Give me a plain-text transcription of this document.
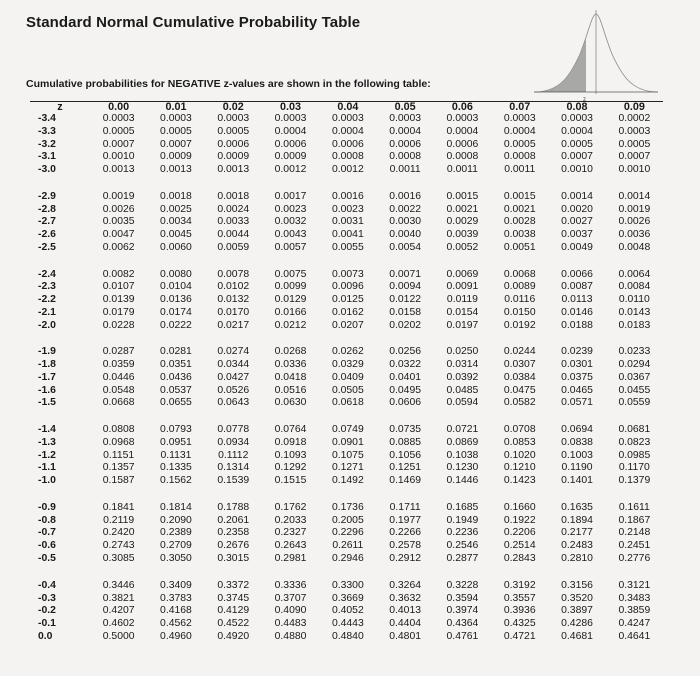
Standard Normal Cumulative Probability Table
z
Cumulative probabilities for NEGATIVE z-values are shown in the following table:
z	0.00	0.01	0.02	0.03	0.04	0.05	0.06	0.07	0.08	0.09
-3.4	0.0003	0.0003	0.0003	0.0003	0.0003	0.0003	0.0003	0.0003	0.0003	0.0002
-3.3	0.0005	0.0005	0.0005	0.0004	0.0004	0.0004	0.0004	0.0004	0.0004	0.0003
-3.2	0.0007	0.0007	0.0006	0.0006	0.0006	0.0006	0.0006	0.0005	0.0005	0.0005
-3.1	0.0010	0.0009	0.0009	0.0009	0.0008	0.0008	0.0008	0.0008	0.0007	0.0007
-3.0	0.0013	0.0013	0.0013	0.0012	0.0012	0.0011	0.0011	0.0011	0.0010	0.0010

-2.9	0.0019	0.0018	0.0018	0.0017	0.0016	0.0016	0.0015	0.0015	0.0014	0.0014
-2.8	0.0026	0.0025	0.0024	0.0023	0.0023	0.0022	0.0021	0.0021	0.0020	0.0019
-2.7	0.0035	0.0034	0.0033	0.0032	0.0031	0.0030	0.0029	0.0028	0.0027	0.0026
-2.6	0.0047	0.0045	0.0044	0.0043	0.0041	0.0040	0.0039	0.0038	0.0037	0.0036
-2.5	0.0062	0.0060	0.0059	0.0057	0.0055	0.0054	0.0052	0.0051	0.0049	0.0048

-2.4	0.0082	0.0080	0.0078	0.0075	0.0073	0.0071	0.0069	0.0068	0.0066	0.0064
-2.3	0.0107	0.0104	0.0102	0.0099	0.0096	0.0094	0.0091	0.0089	0.0087	0.0084
-2.2	0.0139	0.0136	0.0132	0.0129	0.0125	0.0122	0.0119	0.0116	0.0113	0.0110
-2.1	0.0179	0.0174	0.0170	0.0166	0.0162	0.0158	0.0154	0.0150	0.0146	0.0143
-2.0	0.0228	0.0222	0.0217	0.0212	0.0207	0.0202	0.0197	0.0192	0.0188	0.0183

-1.9	0.0287	0.0281	0.0274	0.0268	0.0262	0.0256	0.0250	0.0244	0.0239	0.0233
-1.8	0.0359	0.0351	0.0344	0.0336	0.0329	0.0322	0.0314	0.0307	0.0301	0.0294
-1.7	0.0446	0.0436	0.0427	0.0418	0.0409	0.0401	0.0392	0.0384	0.0375	0.0367
-1.6	0.0548	0.0537	0.0526	0.0516	0.0505	0.0495	0.0485	0.0475	0.0465	0.0455
-1.5	0.0668	0.0655	0.0643	0.0630	0.0618	0.0606	0.0594	0.0582	0.0571	0.0559

-1.4	0.0808	0.0793	0.0778	0.0764	0.0749	0.0735	0.0721	0.0708	0.0694	0.0681
-1.3	0.0968	0.0951	0.0934	0.0918	0.0901	0.0885	0.0869	0.0853	0.0838	0.0823
-1.2	0.1151	0.1131	0.1112	0.1093	0.1075	0.1056	0.1038	0.1020	0.1003	0.0985
-1.1	0.1357	0.1335	0.1314	0.1292	0.1271	0.1251	0.1230	0.1210	0.1190	0.1170
-1.0	0.1587	0.1562	0.1539	0.1515	0.1492	0.1469	0.1446	0.1423	0.1401	0.1379

-0.9	0.1841	0.1814	0.1788	0.1762	0.1736	0.1711	0.1685	0.1660	0.1635	0.1611
-0.8	0.2119	0.2090	0.2061	0.2033	0.2005	0.1977	0.1949	0.1922	0.1894	0.1867
-0.7	0.2420	0.2389	0.2358	0.2327	0.2296	0.2266	0.2236	0.2206	0.2177	0.2148
-0.6	0.2743	0.2709	0.2676	0.2643	0.2611	0.2578	0.2546	0.2514	0.2483	0.2451
-0.5	0.3085	0.3050	0.3015	0.2981	0.2946	0.2912	0.2877	0.2843	0.2810	0.2776

-0.4	0.3446	0.3409	0.3372	0.3336	0.3300	0.3264	0.3228	0.3192	0.3156	0.3121
-0.3	0.3821	0.3783	0.3745	0.3707	0.3669	0.3632	0.3594	0.3557	0.3520	0.3483
-0.2	0.4207	0.4168	0.4129	0.4090	0.4052	0.4013	0.3974	0.3936	0.3897	0.3859
-0.1	0.4602	0.4562	0.4522	0.4483	0.4443	0.4404	0.4364	0.4325	0.4286	0.4247
0.0	0.5000	0.4960	0.4920	0.4880	0.4840	0.4801	0.4761	0.4721	0.4681	0.4641
